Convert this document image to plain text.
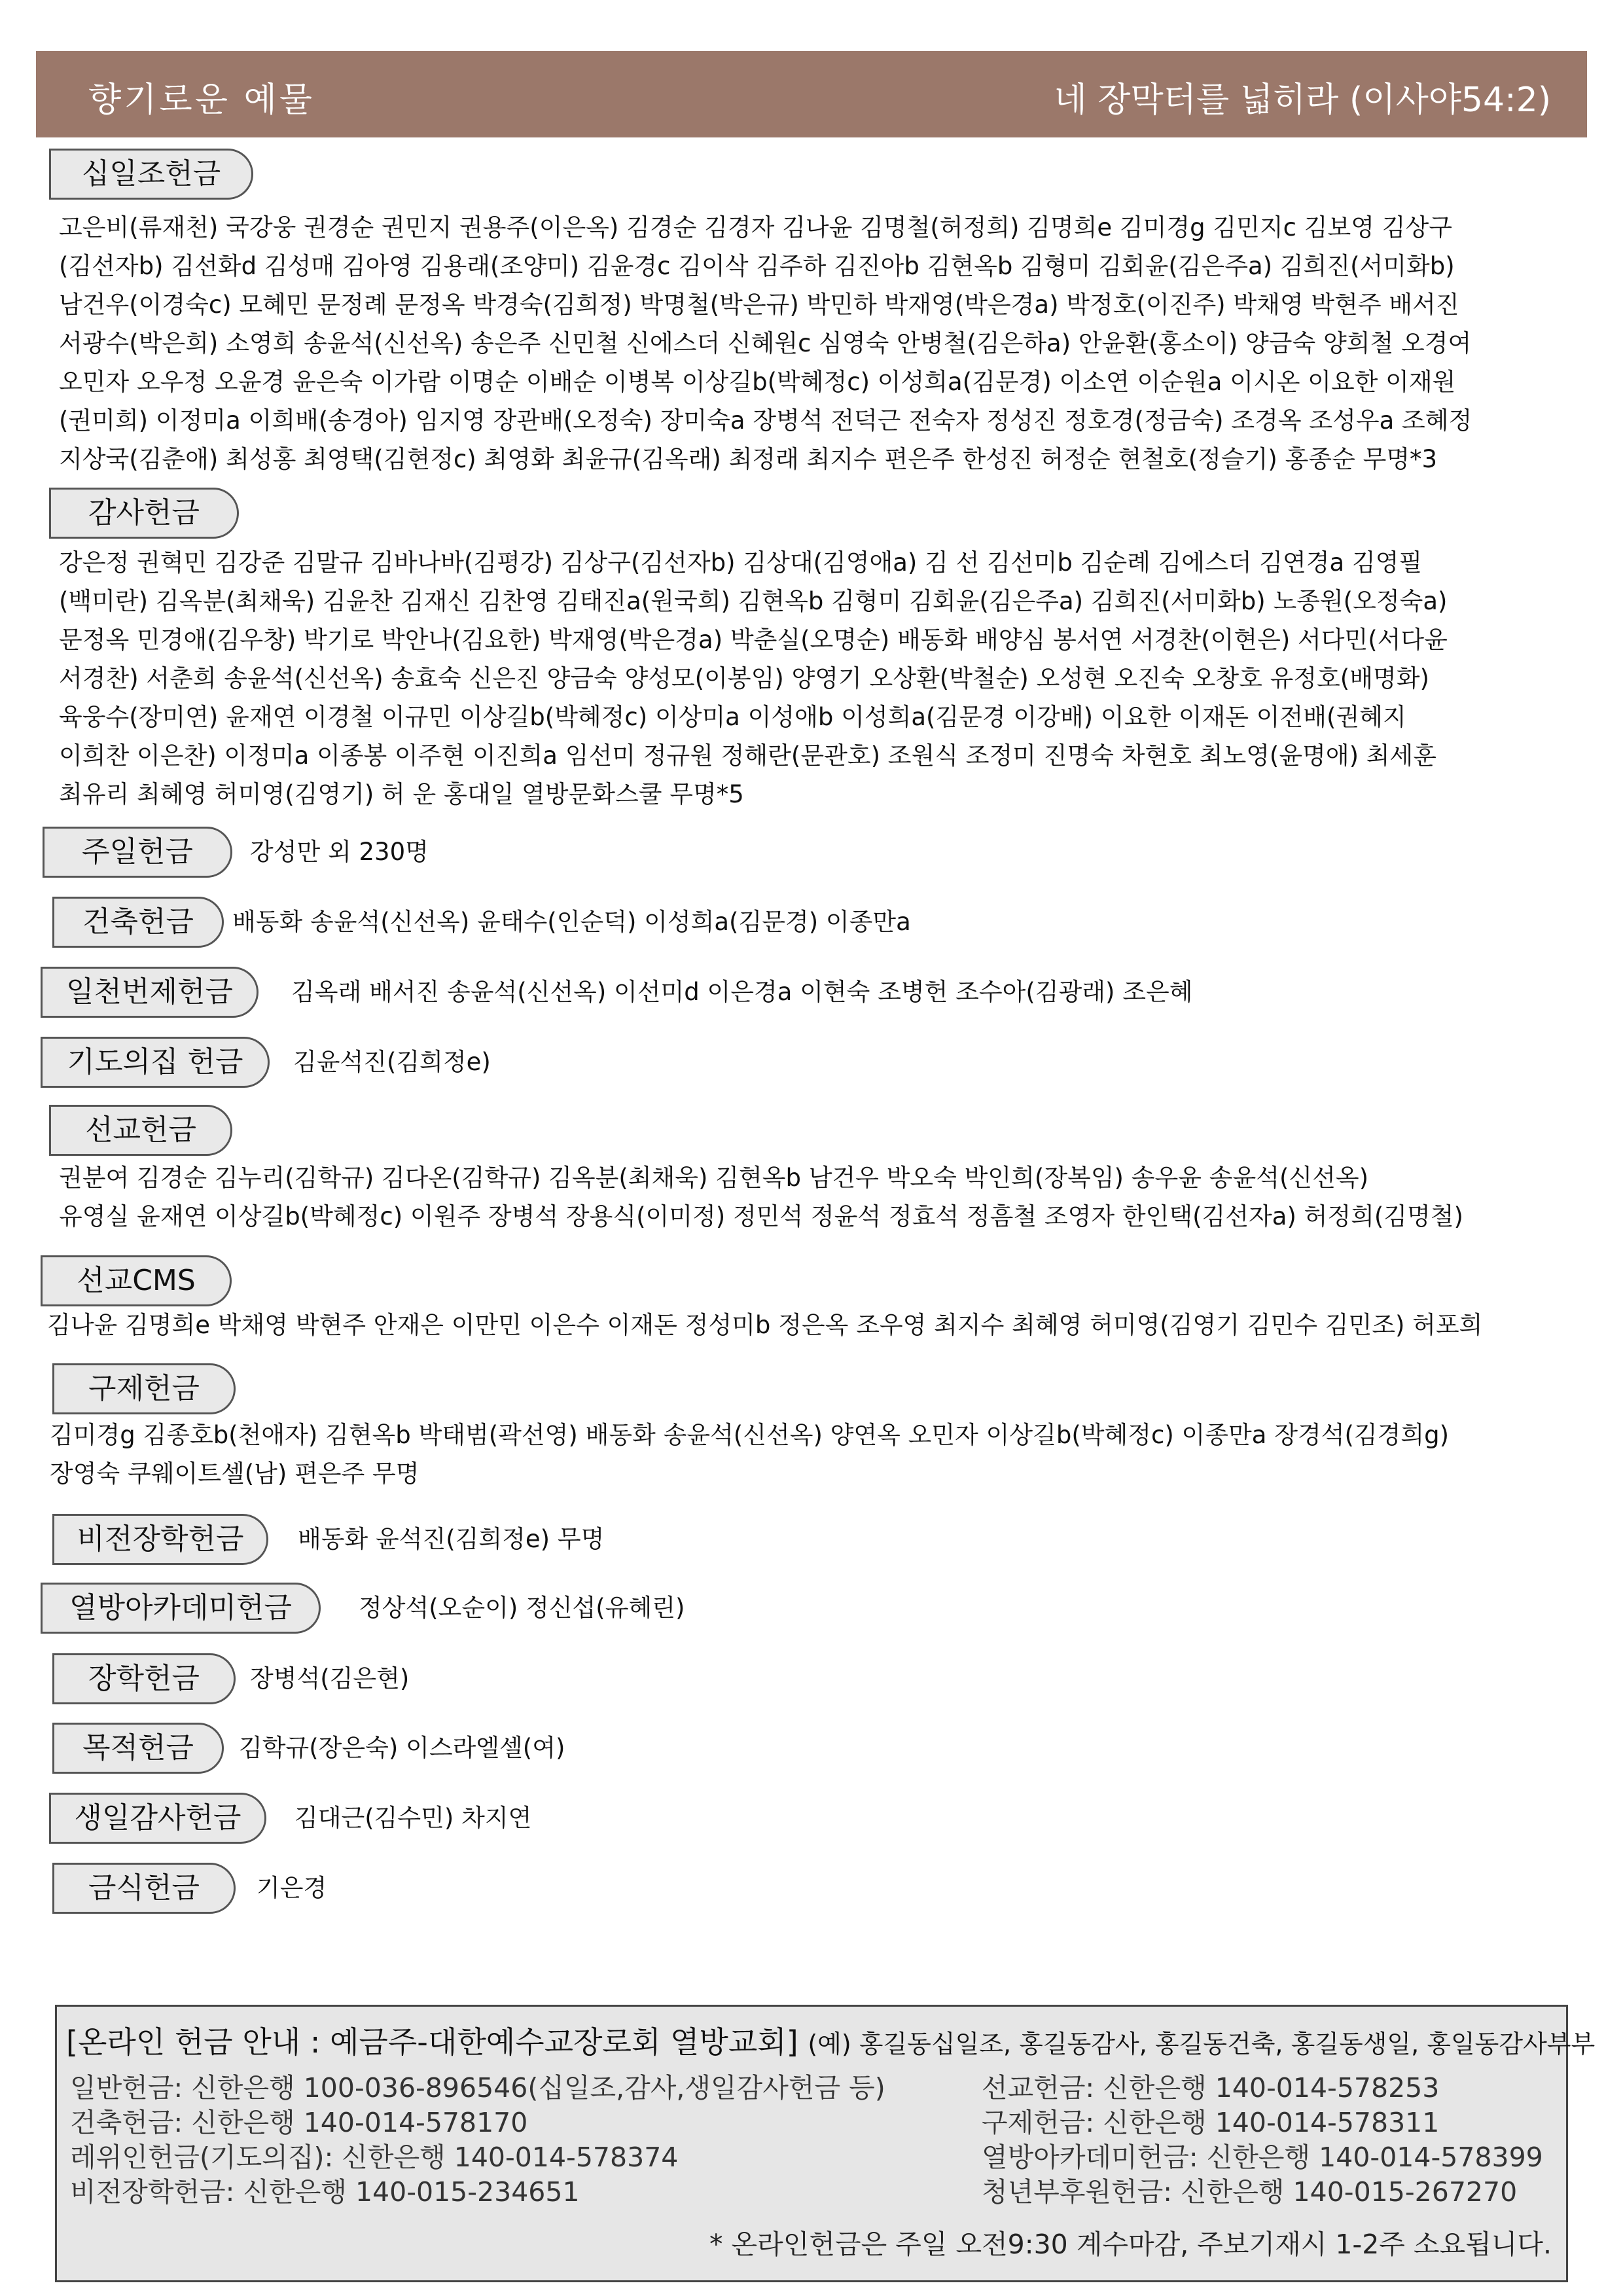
향기로운 예물	네 장막터를 넓히라 (이사야54:2)
십일조헌금
고은비(류재천) 국강웅 권경순 권민지 권용주(이은옥) 김경순 김경자 김나윤 김명철(허정희) 김명희e 김미경g 김민지c 김보영 김상구
(김선자b) 김선화d 김성매 김아영 김용래(조양미) 김윤경c 김이삭 김주하 김진아b 김현옥b 김형미 김회윤(김은주a) 김희진(서미화b)
남건우(이경숙c) 모혜민 문정례 문정옥 박경숙(김희정) 박명철(박은규) 박민하 박재영(박은경a) 박정호(이진주) 박채영 박현주 배서진
서광수(박은희) 소영희 송윤석(신선옥) 송은주 신민철 신에스더 신혜원c 심영숙 안병철(김은하a) 안윤환(홍소이) 양금숙 양희철 오경여
오민자 오우정 오윤경 윤은숙 이가람 이명순 이배순 이병복 이상길b(박혜정c) 이성희a(김문경) 이소연 이순원a 이시온 이요한 이재원
(권미희) 이정미a 이희배(송경아) 임지영 장관배(오정숙) 장미숙a 장병석 전덕근 전숙자 정성진 정호경(정금숙) 조경옥 조성우a 조혜정
지상국(김춘애) 최성홍 최영택(김현정c) 최영화 최윤규(김옥래) 최정래 최지수 편은주 한성진 허정순 현철호(정슬기) 홍종순 무명*3
감사헌금
강은정 권혁민 김강준 김말규 김바나바(김평강) 김상구(김선자b) 김상대(김영애a) 김 선 김선미b 김순례 김에스더 김연경a 김영필
(백미란) 김옥분(최채욱) 김윤찬 김재신 김찬영 김태진a(원국희) 김현옥b 김형미 김회윤(김은주a) 김희진(서미화b) 노종원(오정숙a)
문정옥 민경애(김우창) 박기로 박안나(김요한) 박재영(박은경a) 박춘실(오명순) 배동화 배양심 봉서연 서경찬(이현은) 서다민(서다윤
서경찬) 서춘희 송윤석(신선옥) 송효숙 신은진 양금숙 양성모(이봉임) 양영기 오상환(박철순) 오성현 오진숙 오창호 유정호(배명화)
육웅수(장미연) 윤재연 이경철 이규민 이상길b(박혜정c) 이상미a 이성애b 이성희a(김문경 이강배) 이요한 이재돈 이전배(권혜지
이희찬 이은찬) 이정미a 이종봉 이주현 이진희a 임선미 정규원 정해란(문관호) 조원식 조정미 진명숙 차현호 최노영(윤명애) 최세훈
최유리 최혜영 허미영(김영기) 허 운 홍대일 열방문화스쿨 무명*5
주일헌금	강성만 외 230명
건축헌금	배동화 송윤석(신선옥) 윤태수(인순덕) 이성희a(김문경) 이종만a
일천번제헌금	김옥래 배서진 송윤석(신선옥) 이선미d 이은경a 이현숙 조병헌 조수아(김광래) 조은혜
기도의집 헌금	김윤석진(김희정e)
선교헌금
권분여 김경순 김누리(김학규) 김다온(김학규) 김옥분(최채욱) 김현옥b 남건우 박오숙 박인희(장복임) 송우윤 송윤석(신선옥)
유영실 윤재연 이상길b(박혜정c) 이원주 장병석 장용식(이미정) 정민석 정윤석 정효석 정흠철 조영자 한인택(김선자a) 허정희(김명철)
선교CMS
김나윤 김명희e 박채영 박현주 안재은 이만민 이은수 이재돈 정성미b 정은옥 조우영 최지수 최혜영 허미영(김영기 김민수 김민조) 허포희
구제헌금
김미경g 김종호b(천애자) 김현옥b 박태범(곽선영) 배동화 송윤석(신선옥) 양연옥 오민자 이상길b(박혜정c) 이종만a 장경석(김경희g)
장영숙 쿠웨이트셀(남) 편은주 무명
비전장학헌금	배동화 윤석진(김희정e) 무명
열방아카데미헌금	정상석(오순이) 정신섭(유혜린)
장학헌금	장병석(김은현)
목적헌금	김학규(장은숙) 이스라엘셀(여)
생일감사헌금	김대근(김수민) 차지연
금식헌금	기은경
[온라인 헌금 안내 : 예금주-대한예수교장로회 열방교회] (예) 홍길동십일조, 홍길동감사, 홍길동건축, 홍길동생일, 홍일동감사부부
일반헌금: 신한은행 100-036-896546(십일조,감사,생일감사헌금 등)
건축헌금: 신한은행 140-014-578170
레위인헌금(기도의집): 신한은행 140-014-578374
비전장학헌금: 신한은행 140-015-234651
선교헌금: 신한은행 140-014-578253
구제헌금: 신한은행 140-014-578311
열방아카데미헌금: 신한은행 140-014-578399
청년부후원헌금: 신한은행 140-015-267270
* 온라인헌금은 주일 오전9:30 계수마감, 주보기재시 1-2주 소요됩니다.
